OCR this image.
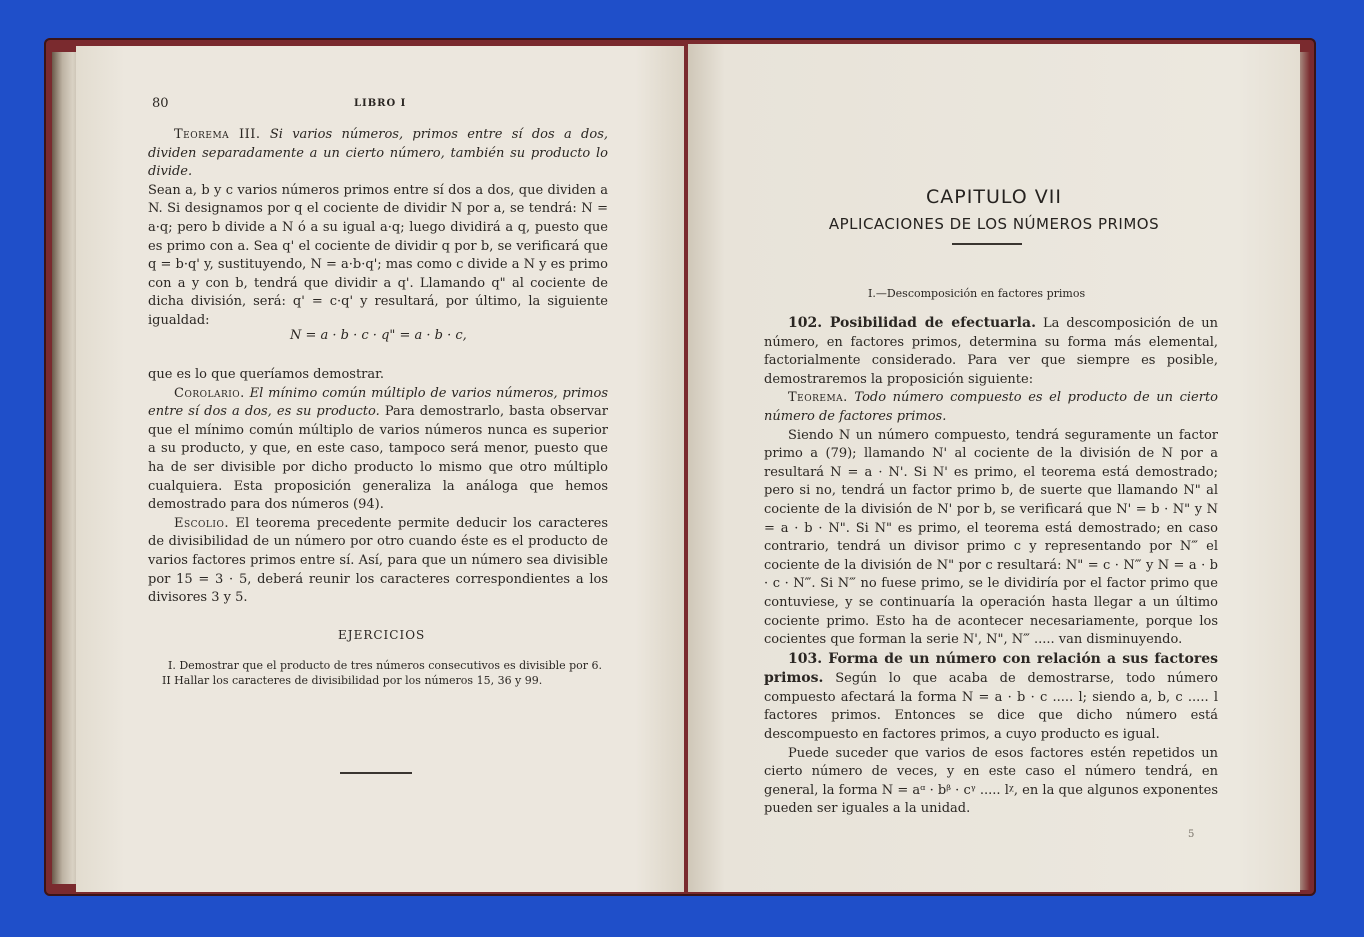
80	LIBRO I

Teorema III. Si varios números, primos entre sí dos a dos, dividen separadamente a un cierto número, también su producto lo divide.

Sean a, b y c varios números primos entre sí dos a dos, que dividen a N. Si designamos por q el cociente de dividir N por a, se tendrá: N = a·q; pero b divide a N ó a su igual a·q; luego dividirá a q, puesto que es primo con a. Sea q' el cociente de dividir q por b, se verificará que q = b·q' y, sustituyendo, N = a·b·q'; mas como c divide a N y es primo con a y con b, tendrá que dividir a q'. Llamando q" al cociente de dicha división, será: q' = c·q' y resultará, por último, la siguiente igualdad:

N = a · b · c · q" = a · b · c,

que es lo que queríamos demostrar.

Corolario. El mínimo común múltiplo de varios números, primos entre sí dos a dos, es su producto. Para demostrarlo, basta observar que el mínimo común múltiplo de varios números nunca es superior a su producto, y que, en este caso, tampoco será menor, puesto que ha de ser divisible por dicho producto lo mismo que otro múltiplo cualquiera. Esta proposición generaliza la análoga que hemos demostrado para dos números (94).

Escolio. El teorema precedente permite deducir los caracteres de divisibilidad de un número por otro cuando éste es el producto de varios factores primos entre sí. Así, para que un número sea divisible por 15 = 3 · 5, deberá reunir los caracteres correspondientes a los divisores 3 y 5.

EJERCICIOS

I. Demostrar que el producto de tres números consecutivos es divisible por 6.

II Hallar los caracteres de divisibilidad por los números 15, 36 y 99.

CAPITULO VII
APLICACIONES DE LOS NÚMEROS PRIMOS
I.—Descomposición en factores primos

102. Posibilidad de efectuarla. La descomposición de un número, en factores primos, determina su forma más elemental, factorialmente considerado. Para ver que siempre es posible, demostraremos la proposición siguiente:

Teorema. Todo número compuesto es el producto de un cierto número de factores primos.

Siendo N un número compuesto, tendrá seguramente un factor primo a (79); llamando N' al cociente de la división de N por a resultará N = a · N'. Si N' es primo, el teorema está demostrado; pero si no, tendrá un factor primo b, de suerte que llamando N" al cociente de la división de N' por b, se verificará que N' = b · N" y N = a · b · N". Si N" es primo, el teorema está demostrado; en caso contrario, tendrá un divisor primo c y representando por N‴ el cociente de la división de N" por c resultará: N" = c · N‴ y N = a · b · c · N‴. Si N‴ no fuese primo, se le dividiría por el factor primo que contuviese, y se continuaría la operación hasta llegar a un último cociente primo. Esto ha de acontecer necesariamente, porque los cocientes que forman la serie N', N", N‴ ..... van disminuyendo.

103. Forma de un número con relación a sus factores primos. Según lo que acaba de demostrarse, todo número compuesto afectará la forma N = a · b · c ..... l; siendo a, b, c ..... l factores primos. Entonces se dice que dicho número está descompuesto en factores primos, a cuyo producto es igual.

Puede suceder que varios de esos factores estén repetidos un cierto número de veces, y en este caso el número tendrá, en general, la forma N = aᵅ · bᵝ · cᵞ ..... lᵡ, en la que algunos exponentes pueden ser iguales a la unidad.

5
